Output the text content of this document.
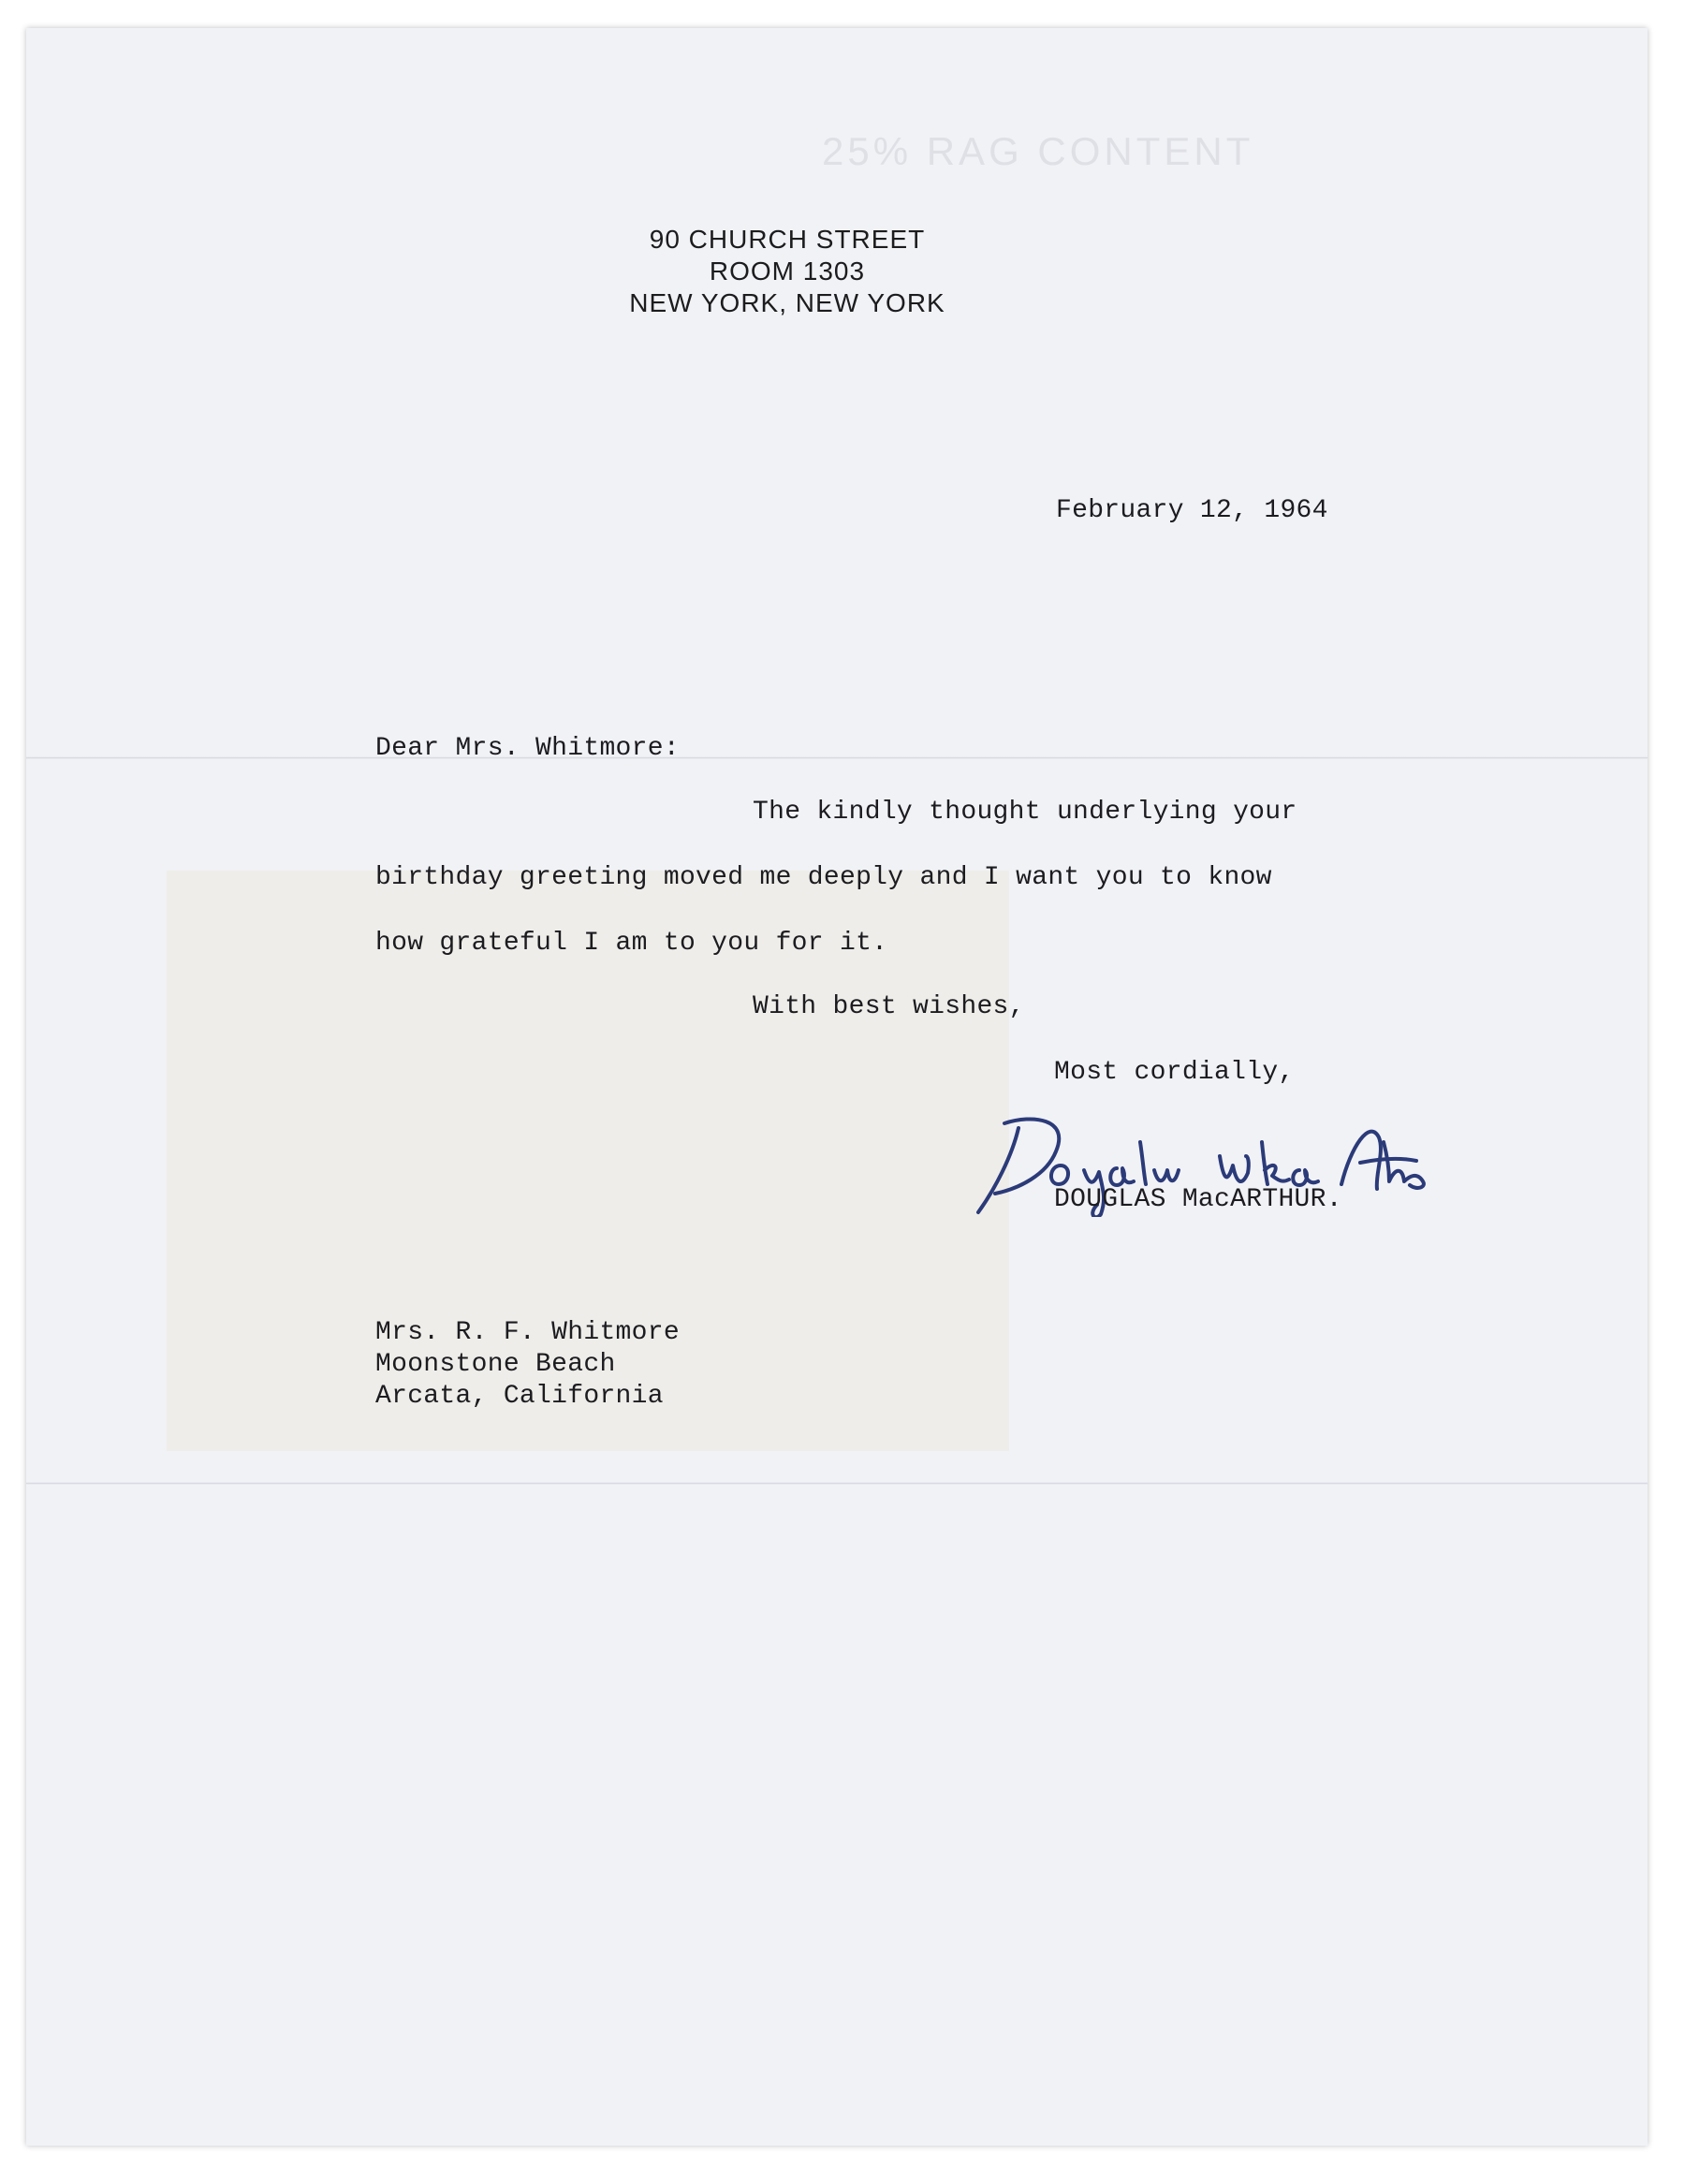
25% RAG CONTENT
90 CHURCH STREET
ROOM 1303
NEW YORK, NEW YORK
February 12, 1964
Dear Mrs. Whitmore:
The kindly thought underlying your
birthday greeting moved me deeply and I want you to know
how grateful I am to you for it.
With best wishes,
Most cordially,
DOUGLAS MacARTHUR.
Mrs. R. F. Whitmore
Moonstone Beach
Arcata, California
